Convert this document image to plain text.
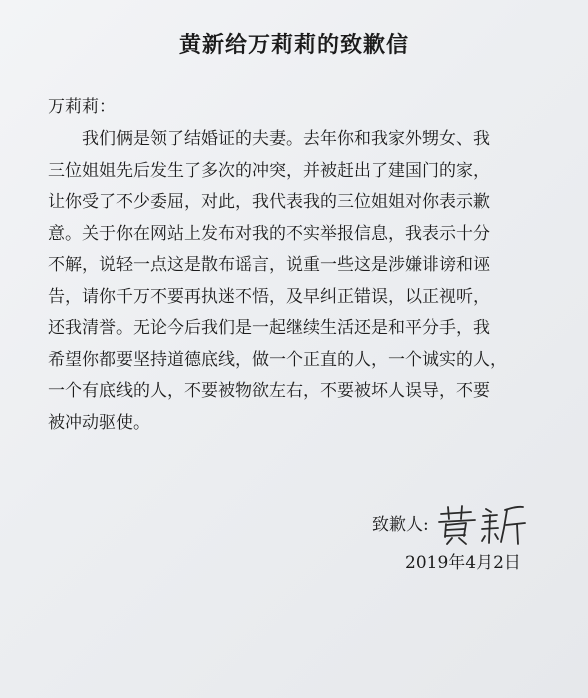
黄新给万莉莉的致歉信
万莉莉：
　　我们俩是领了结婚证的夫妻。去年你和我家外甥女、我
三位姐姐先后发生了多次的冲突，并被赶出了建国门的家，
让你受了不少委屈，对此，我代表我的三位姐姐对你表示歉
意。关于你在网站上发布对我的不实举报信息，我表示十分
不解，说轻一点这是散布谣言，说重一些这是涉嫌诽谤和诬
告，请你千万不要再执迷不悟，及早纠正错误，以正视听，
还我清誉。无论今后我们是一起继续生活还是和平分手，我
希望你都要坚持道德底线，做一个正直的人，一个诚实的人，
一个有底线的人，不要被物欲左右，不要被坏人误导，不要
被冲动驱使。
致歉人:
2019年4月2日
